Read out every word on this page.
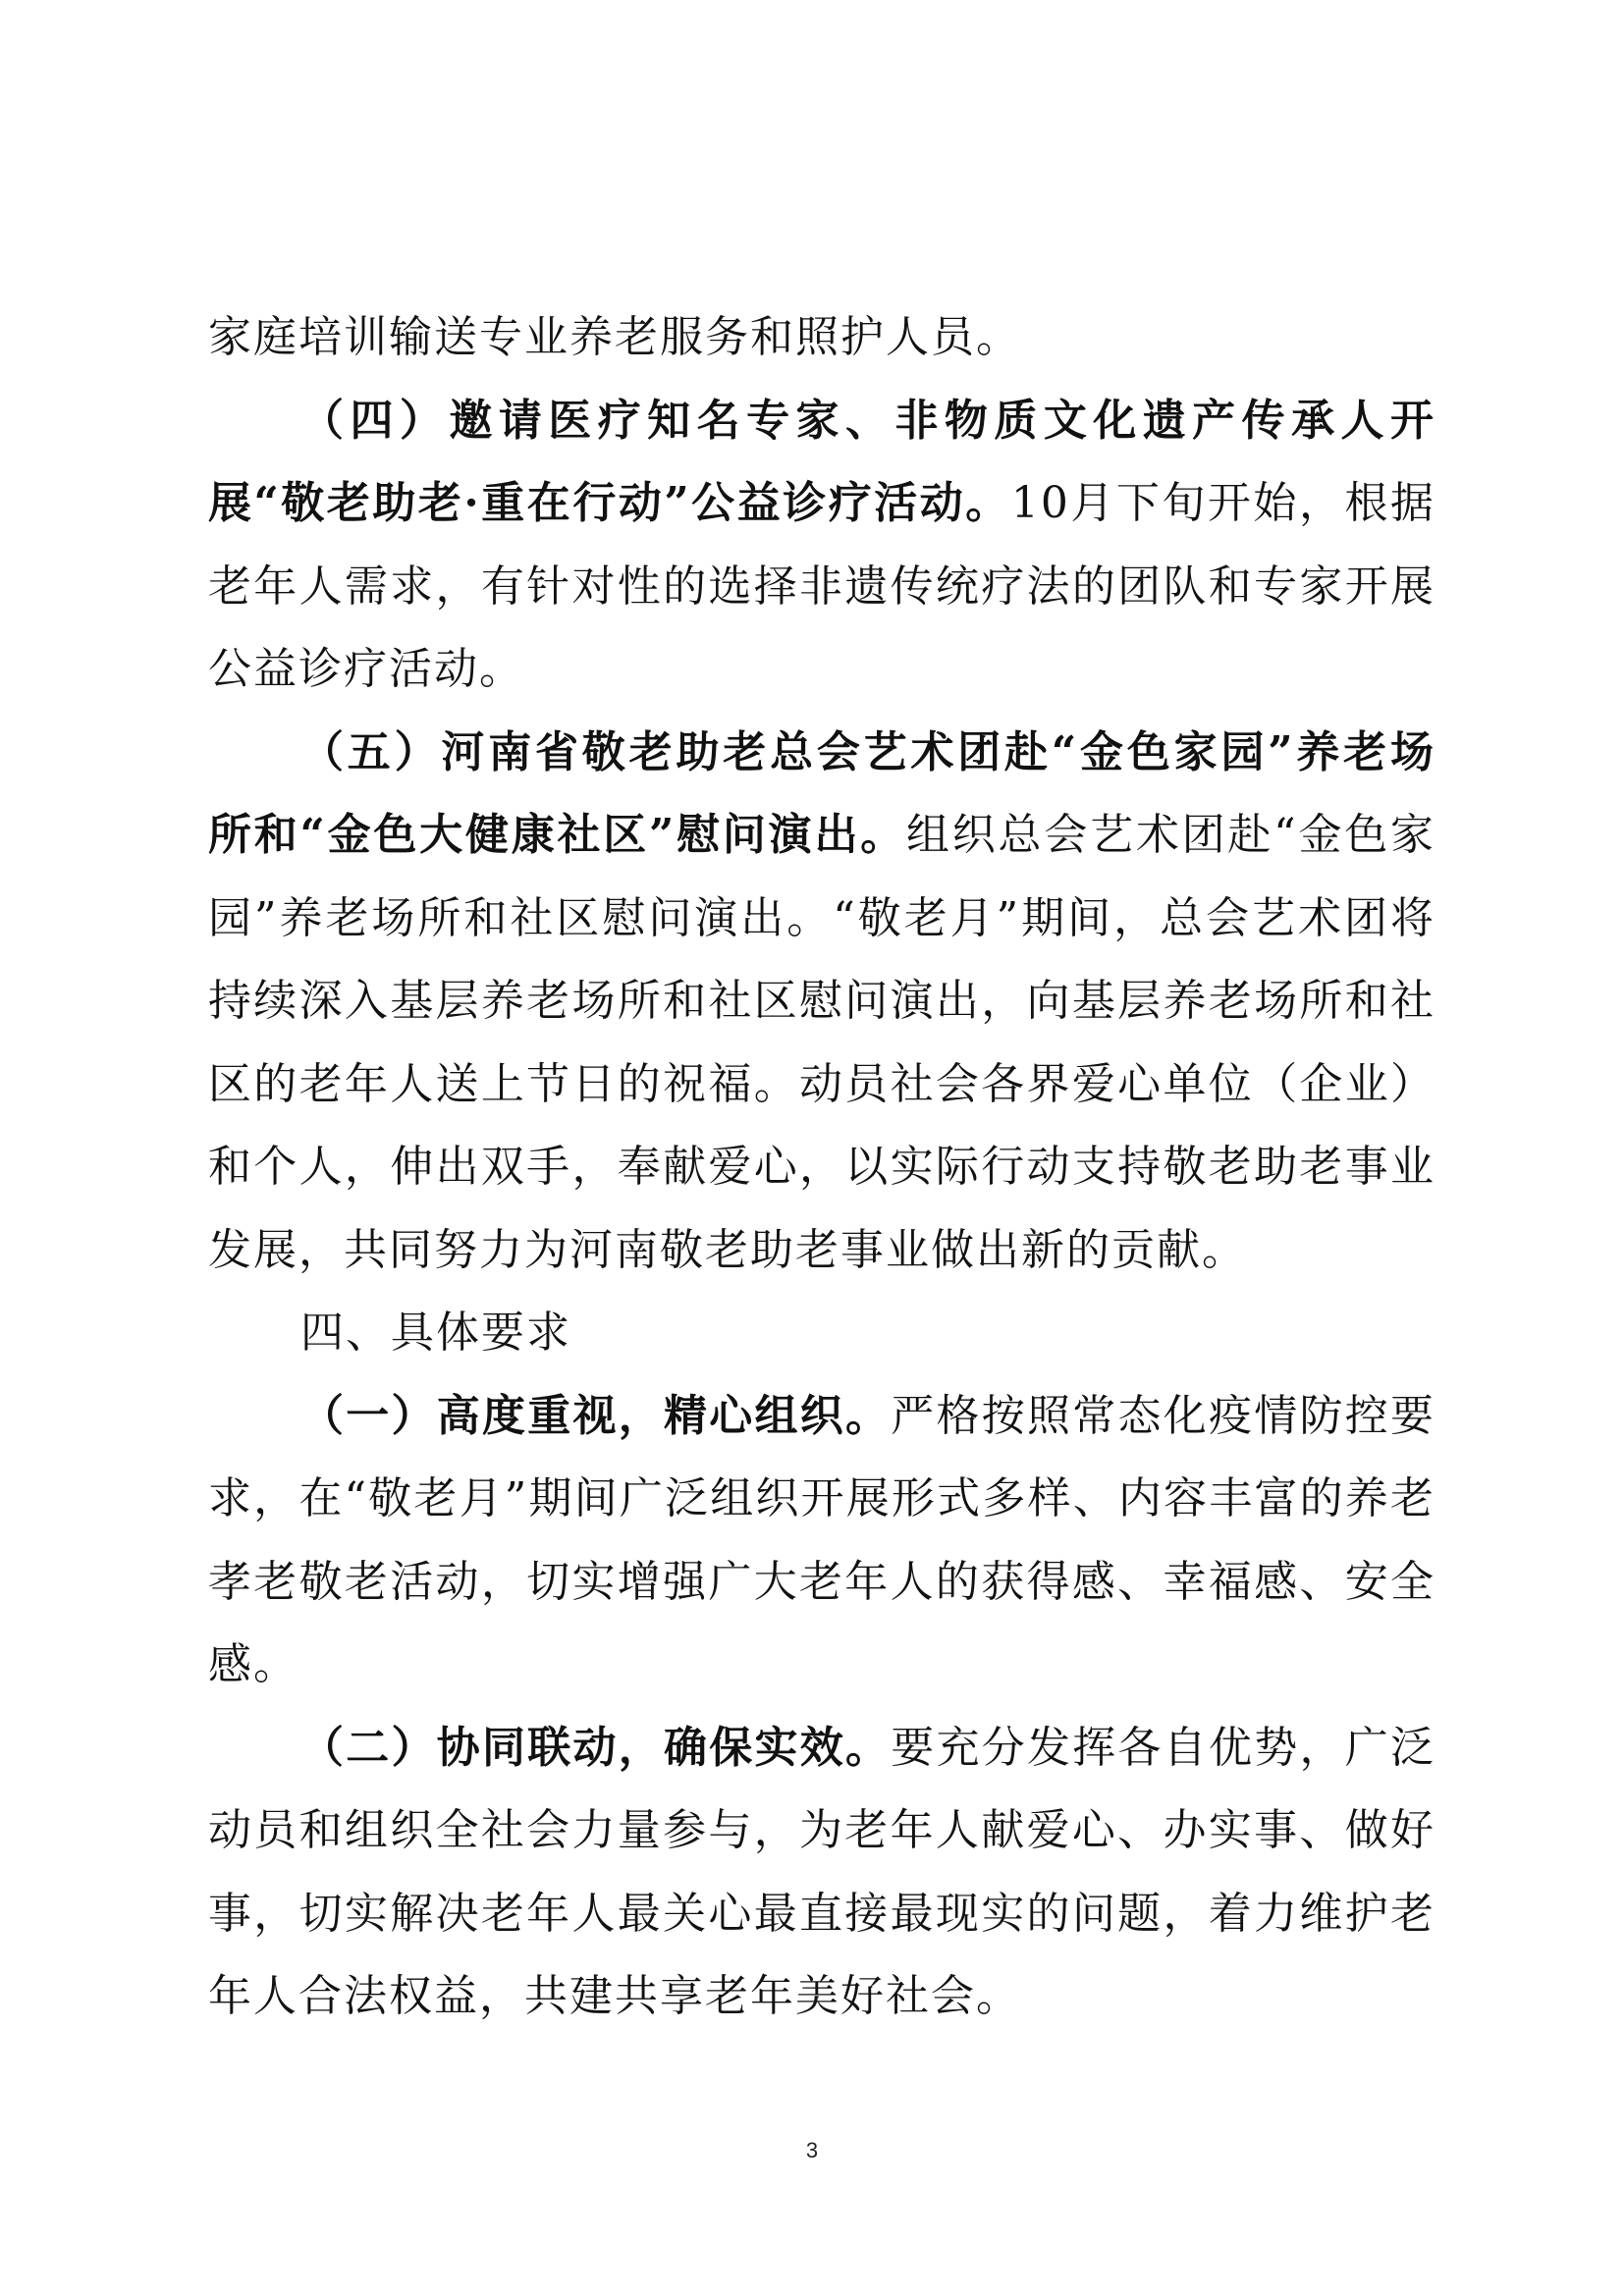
家庭培训输送专业养老服务和照护人员。

（四）邀请医疗知名专家、非物质文化遗产传承人开展“敬老助老·重在行动”公益诊疗活动。10月下旬开始，根据老年人需求，有针对性的选择非遗传统疗法的团队和专家开展公益诊疗活动。

（五）河南省敬老助老总会艺术团赴“金色家园”养老场所和“金色大健康社区”慰问演出。组织总会艺术团赴“金色家园”养老场所和社区慰问演出。“敬老月”期间，总会艺术团将持续深入基层养老场所和社区慰问演出，向基层养老场所和社区的老年人送上节日的祝福。动员社会各界爱心单位（企业）和个人，伸出双手，奉献爱心，以实际行动支持敬老助老事业发展，共同努力为河南敬老助老事业做出新的贡献。

四、具体要求

（一）高度重视，精心组织。严格按照常态化疫情防控要求，在“敬老月”期间广泛组织开展形式多样、内容丰富的养老孝老敬老活动，切实增强广大老年人的获得感、幸福感、安全感。

（二）协同联动，确保实效。要充分发挥各自优势，广泛动员和组织全社会力量参与，为老年人献爱心、办实事、做好事，切实解决老年人最关心最直接最现实的问题，着力维护老年人合法权益，共建共享老年美好社会。

3
